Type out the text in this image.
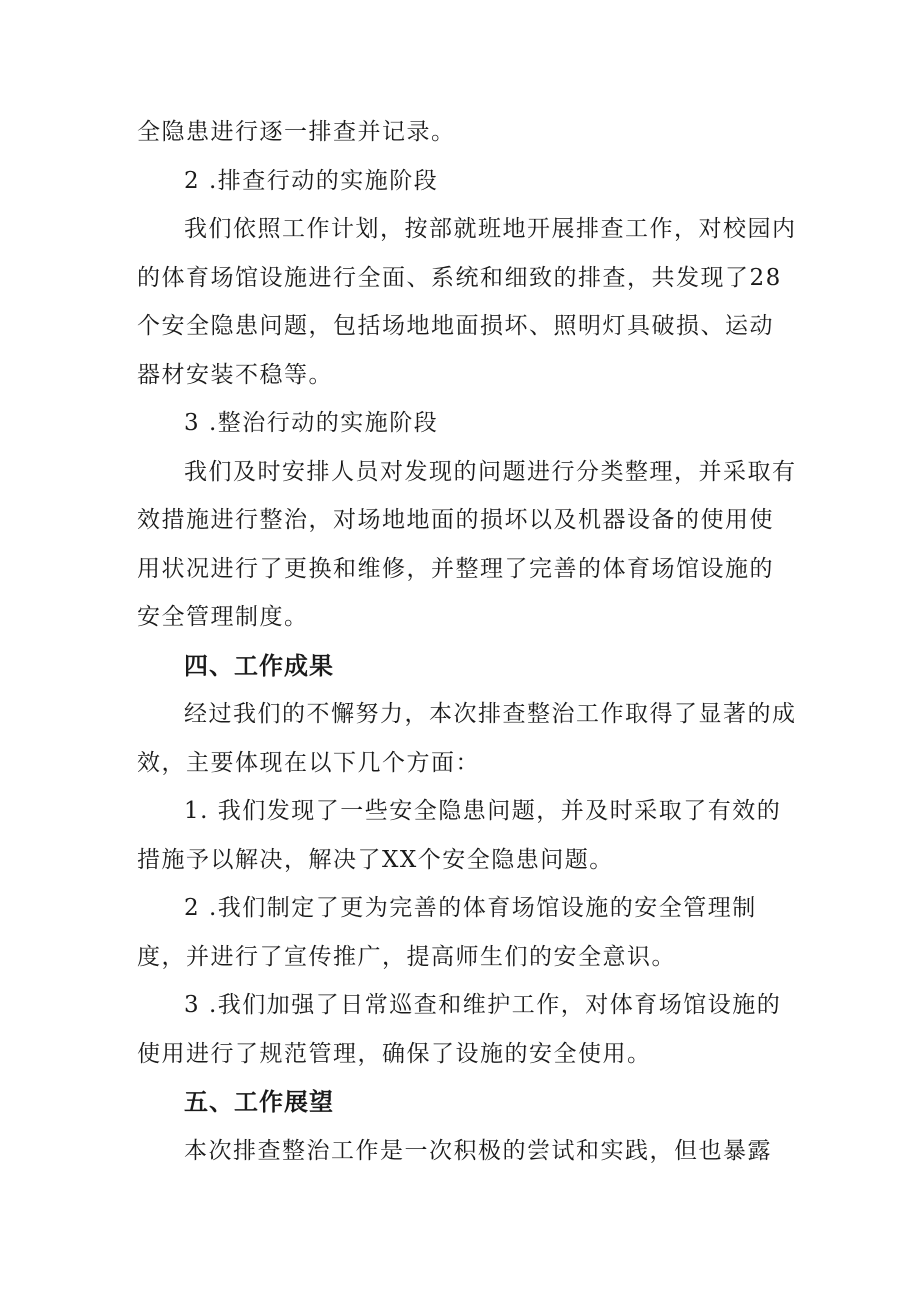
全隐患进行逐一排查并记录。

2 .排查行动的实施阶段

我们依照工作计划，按部就班地开展排查工作，对校园内的体育场馆设施进行全面、系统和细致的排查，共发现了28个安全隐患问题，包括场地地面损坏、照明灯具破损、运动器材安装不稳等。

3 .整治行动的实施阶段

我们及时安排人员对发现的问题进行分类整理，并采取有效措施进行整治，对场地地面的损坏以及机器设备的使用使用状况进行了更换和维修，并整理了完善的体育场馆设施的安全管理制度。

四、工作成果

经过我们的不懈努力，本次排查整治工作取得了显著的成效，主要体现在以下几个方面：

1. 我们发现了一些安全隐患问题，并及时采取了有效的措施予以解决，解决了XX个安全隐患问题。

2 .我们制定了更为完善的体育场馆设施的安全管理制度，并进行了宣传推广，提高师生们的安全意识。

3 .我们加强了日常巡查和维护工作，对体育场馆设施的使用进行了规范管理，确保了设施的安全使用。

五、工作展望

本次排查整治工作是一次积极的尝试和实践，但也暴露
